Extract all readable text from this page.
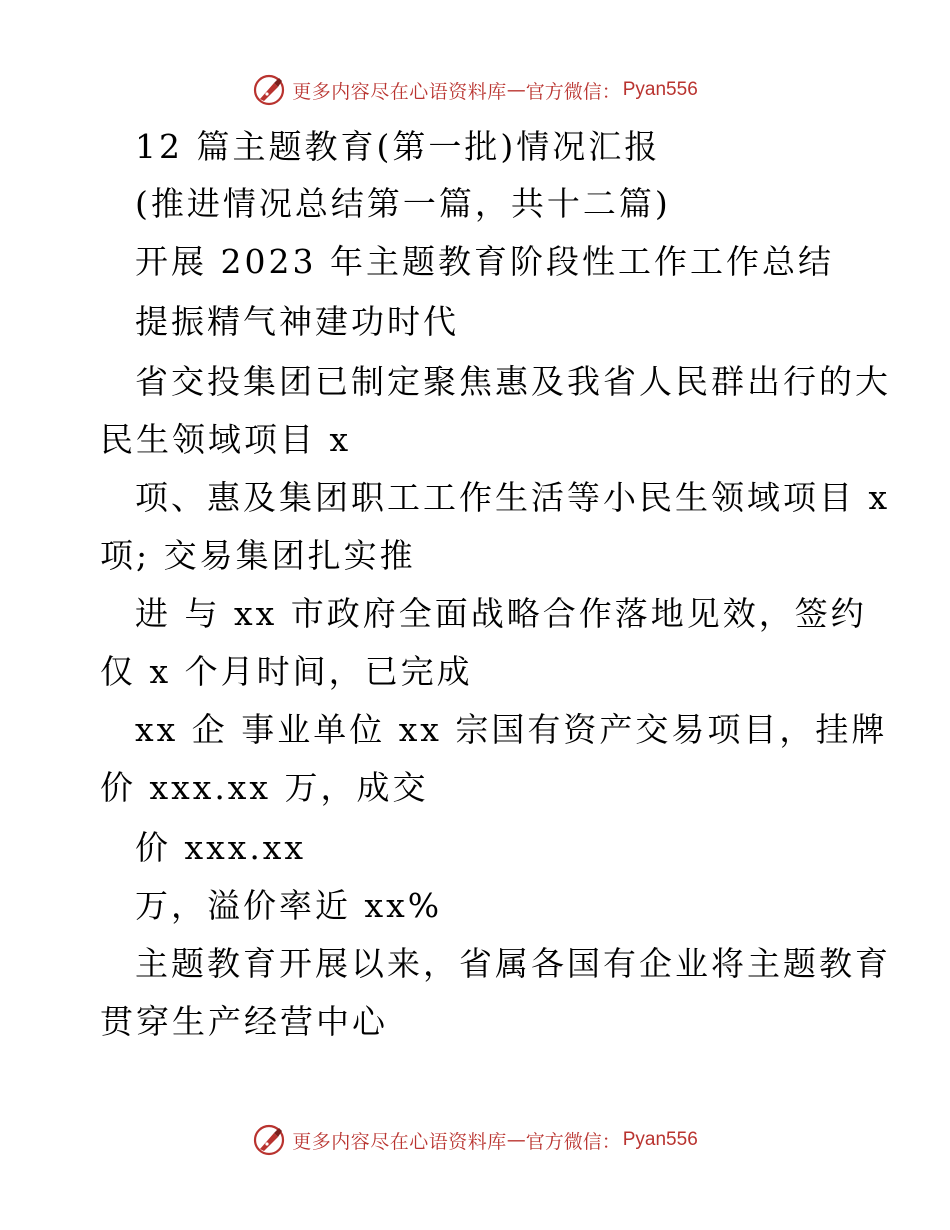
更多内容尽在心语资料库 — 官方微信： Pyan556
12 篇主题教育(第一批)情况汇报
(推进情况总结第一篇，共十二篇)
开展 2023 年主题教育阶段性工作工作总结
提振精气神建功时代
省交投集团已制定聚焦惠及我省人民群出行的大
民生领域项目 x
项、惠及集团职工工作生活等小民生领域项目 x
项; 交易集团扎实推
进 与 xx 市政府全面战略合作落地见效，签约
仅 x 个月时间，已完成
xx 企 事业单位 xx 宗国有资产交易项目，挂牌
价 xxx.xx 万，成交
价 xxx.xx
万，溢价率近 xx%
主题教育开展以来，省属各国有企业将主题教育
贯穿生产经营中心
更多内容尽在心语资料库 — 官方微信： Pyan556
